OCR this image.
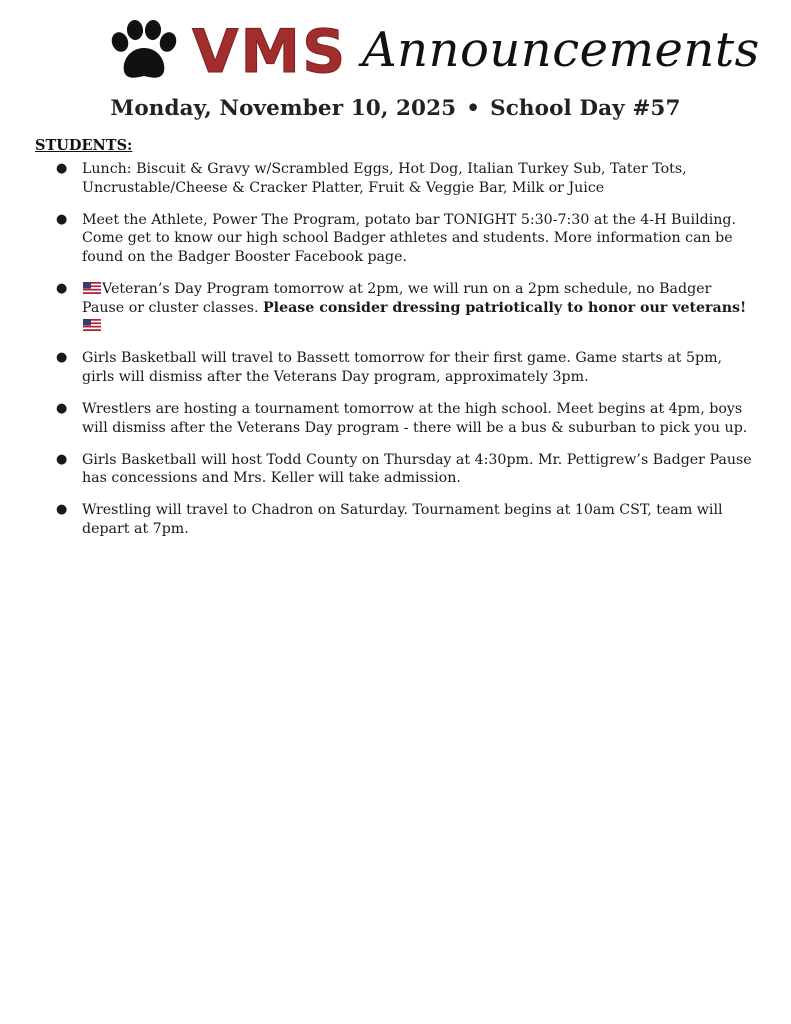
VMS Announcements
Monday, November 10, 2025 • School Day #57
STUDENTS:
● Lunch: Biscuit & Gravy w/Scrambled Eggs, Hot Dog, Italian Turkey Sub, Tater Tots, Uncrustable/Cheese & Cracker Platter, Fruit & Veggie Bar, Milk or Juice
● Meet the Athlete, Power The Program, potato bar TONIGHT 5:30-7:30 at the 4-H Building. Come get to know our high school Badger athletes and students. More information can be found on the Badger Booster Facebook page.
● Veteran’s Day Program tomorrow at 2pm, we will run on a 2pm schedule, no Badger Pause or cluster classes. Please consider dressing patriotically to honor our veterans!
● Girls Basketball will travel to Bassett tomorrow for their first game. Game starts at 5pm, girls will dismiss after the Veterans Day program, approximately 3pm.
● Wrestlers are hosting a tournament tomorrow at the high school. Meet begins at 4pm, boys will dismiss after the Veterans Day program - there will be a bus & suburban to pick you up.
● Girls Basketball will host Todd County on Thursday at 4:30pm. Mr. Pettigrew’s Badger Pause has concessions and Mrs. Keller will take admission.
● Wrestling will travel to Chadron on Saturday. Tournament begins at 10am CST, team will depart at 7pm.
